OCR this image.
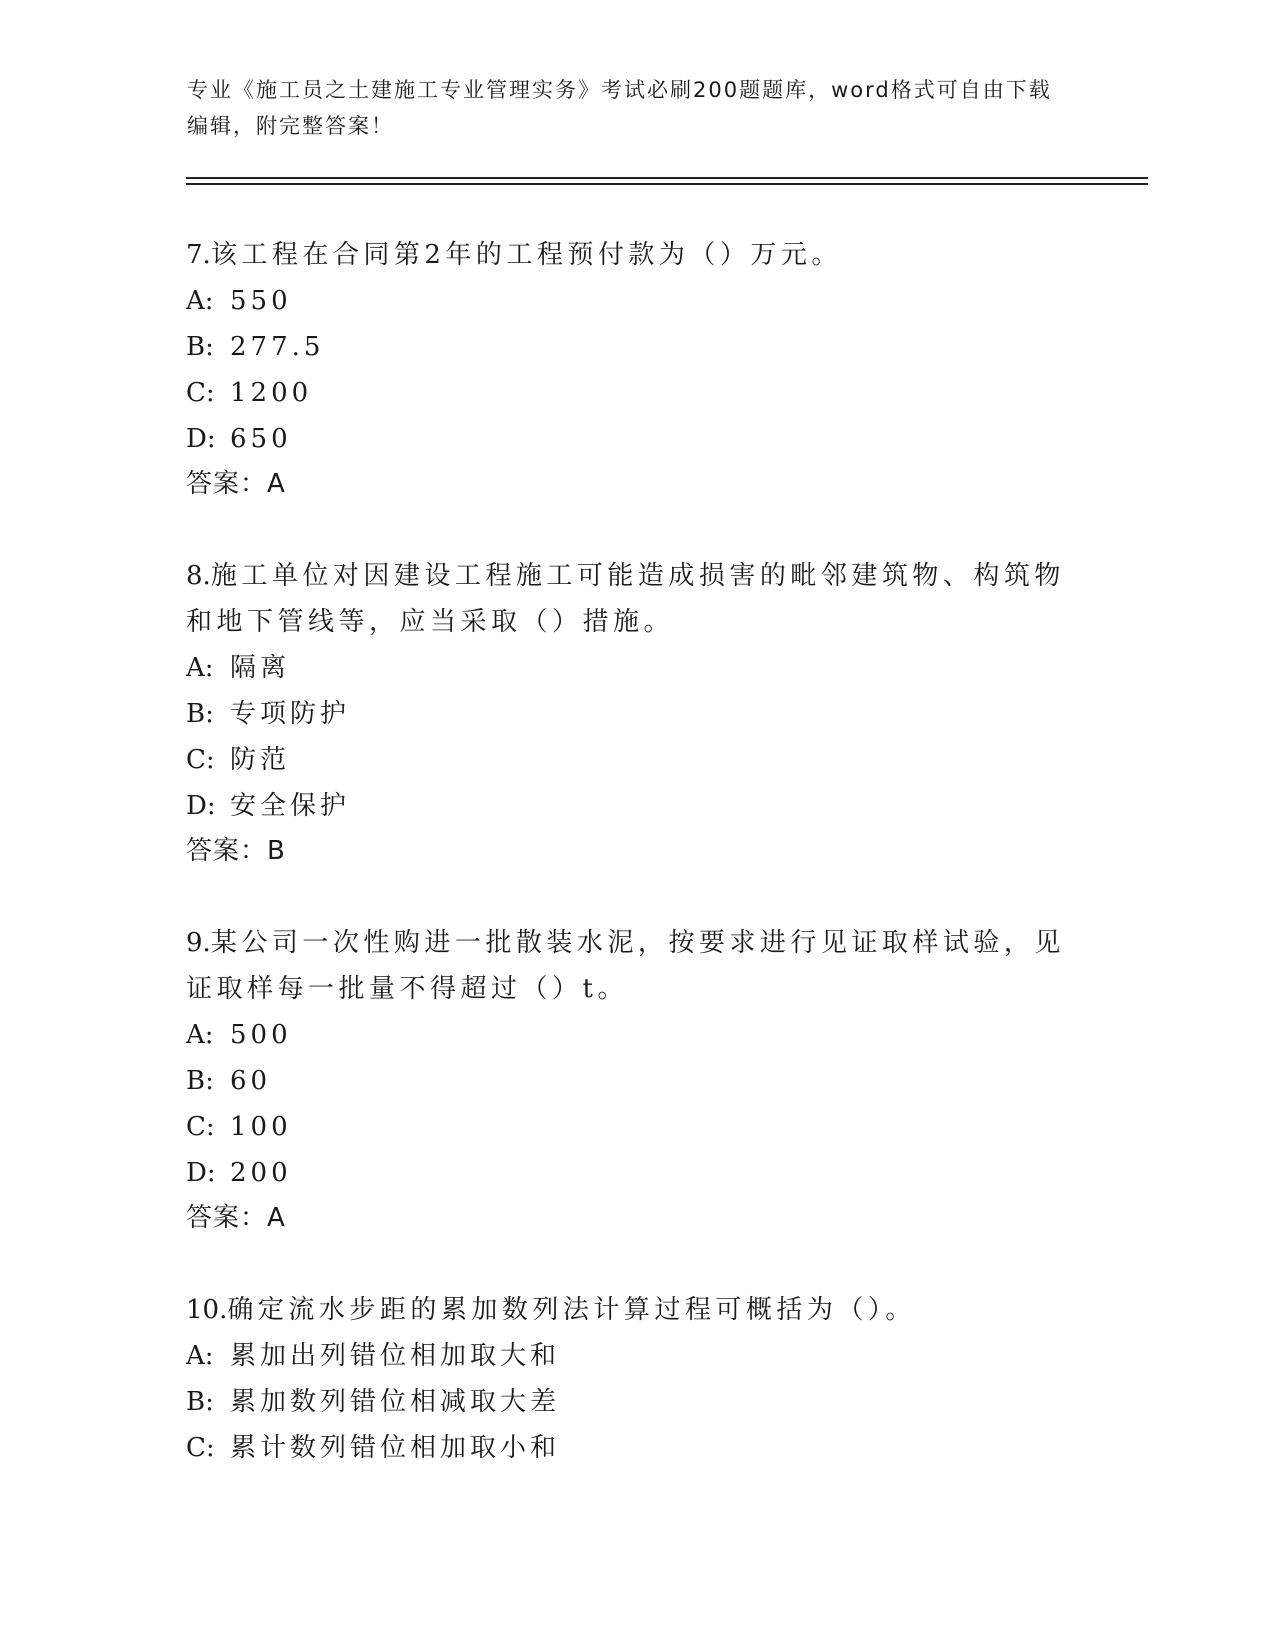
专业《施工员之土建施工专业管理实务》考试必刷200题题库，word格式可自由下载编辑，附完整答案！
7.该工程在合同第2年的工程预付款为（）万元。
A: 550
B: 277.5
C: 1200
D: 650
答案：A
8.施工单位对因建设工程施工可能造成损害的毗邻建筑物、构筑物和地下管线等，应当采取（）措施。
A: 隔离
B: 专项防护
C: 防范
D: 安全保护
答案：B
9.某公司一次性购进一批散装水泥，按要求进行见证取样试验，见证取样每一批量不得超过（）t。
A: 500
B: 60
C: 100
D: 200
答案：A
10.确定流水步距的累加数列法计算过程可概括为（）。
A: 累加出列错位相加取大和
B: 累加数列错位相减取大差
C: 累计数列错位相加取小和
